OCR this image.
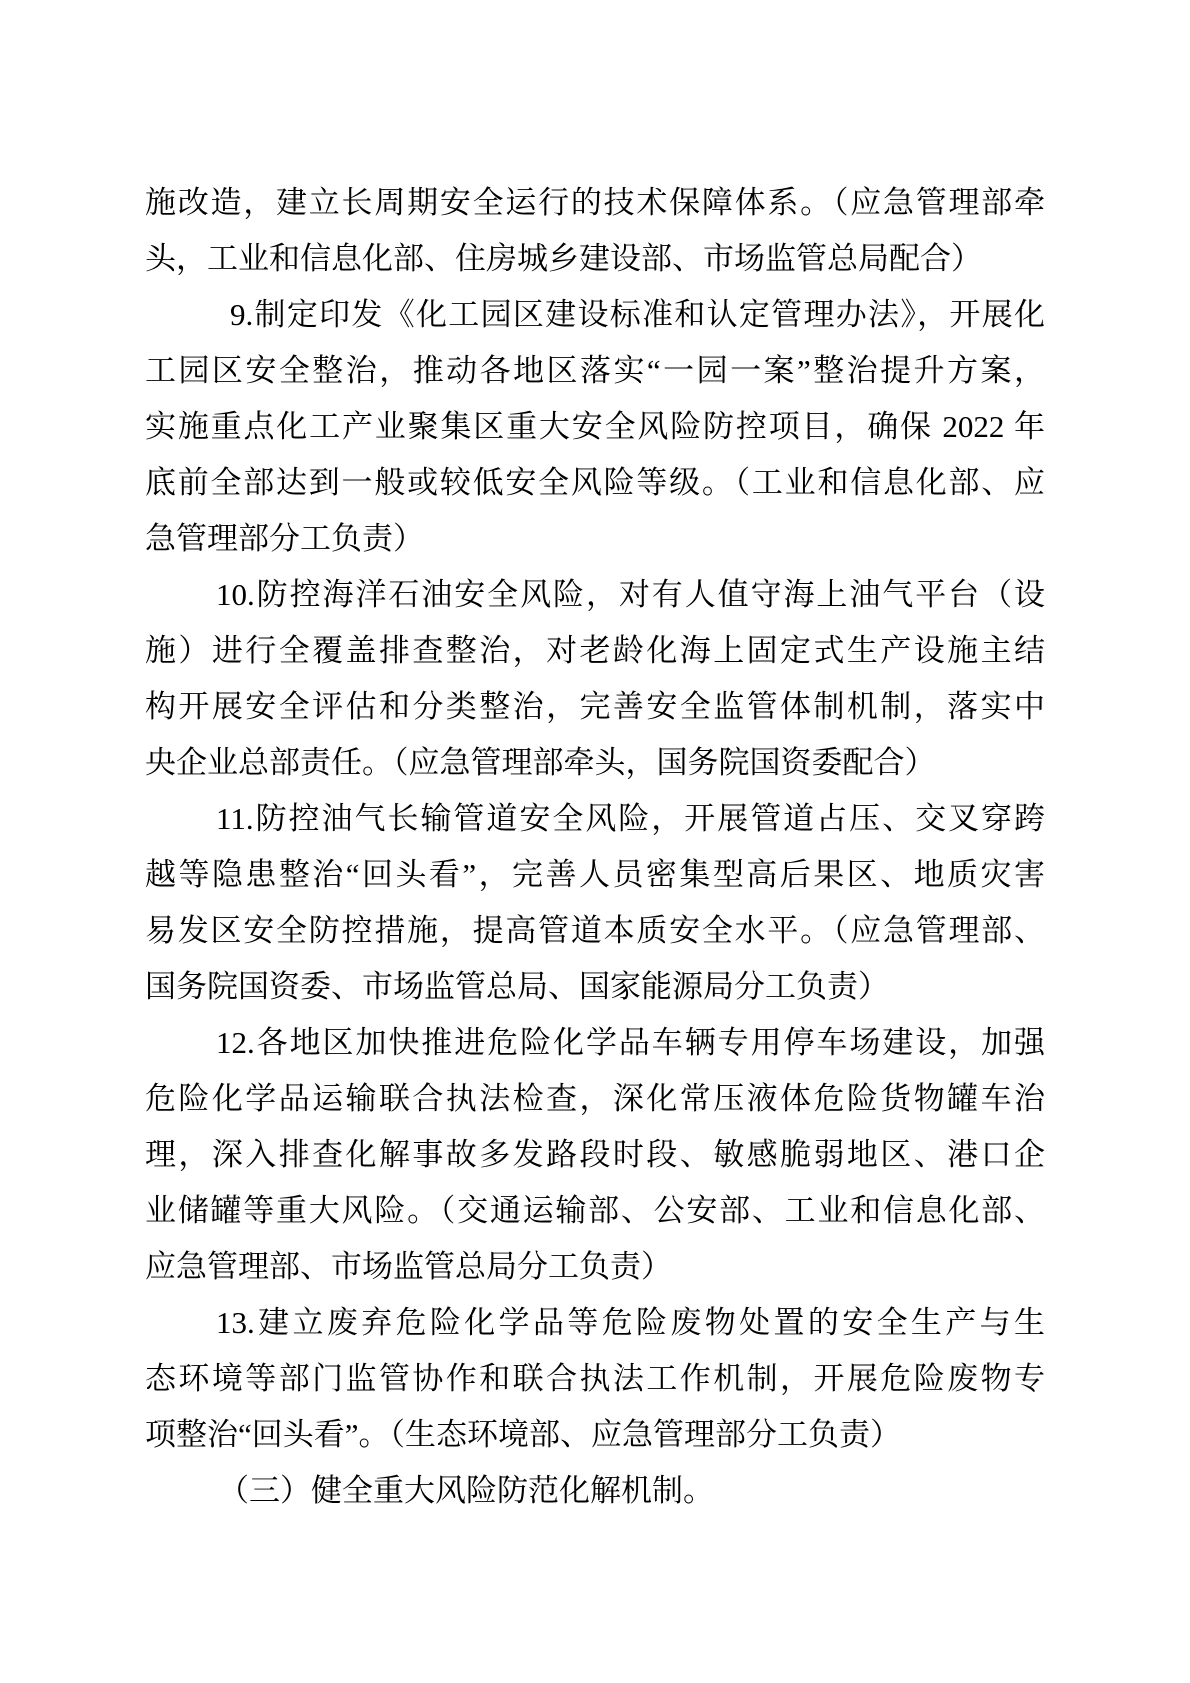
施改造，建立长周期安全运行的技术保障体系。（应急管理部牵
头，工业和信息化部、住房城乡建设部、市场监管总局配合）
9.制定印发《化工园区建设标准和认定管理办法》，开展化
工园区安全整治，推动各地区落实“一园一案”整治提升方案，
实施重点化工产业聚集区重大安全风险防控项目，确保 2022 年
底前全部达到一般或较低安全风险等级。（工业和信息化部、应
急管理部分工负责）
10.防控海洋石油安全风险，对有人值守海上油气平台（设
施）进行全覆盖排查整治，对老龄化海上固定式生产设施主结
构开展安全评估和分类整治，完善安全监管体制机制，落实中
央企业总部责任。（应急管理部牵头，国务院国资委配合）
11.防控油气长输管道安全风险，开展管道占压、交叉穿跨
越等隐患整治“回头看”，完善人员密集型高后果区、地质灾害
易发区安全防控措施，提高管道本质安全水平。（应急管理部、
国务院国资委、市场监管总局、国家能源局分工负责）
12.各地区加快推进危险化学品车辆专用停车场建设，加强
危险化学品运输联合执法检查，深化常压液体危险货物罐车治
理，深入排查化解事故多发路段时段、敏感脆弱地区、港口企
业储罐等重大风险。（交通运输部、公安部、工业和信息化部、
应急管理部、市场监管总局分工负责）
13.建立废弃危险化学品等危险废物处置的安全生产与生
态环境等部门监管协作和联合执法工作机制，开展危险废物专
项整治“回头看”。（生态环境部、应急管理部分工负责）
（三）健全重大风险防范化解机制。
